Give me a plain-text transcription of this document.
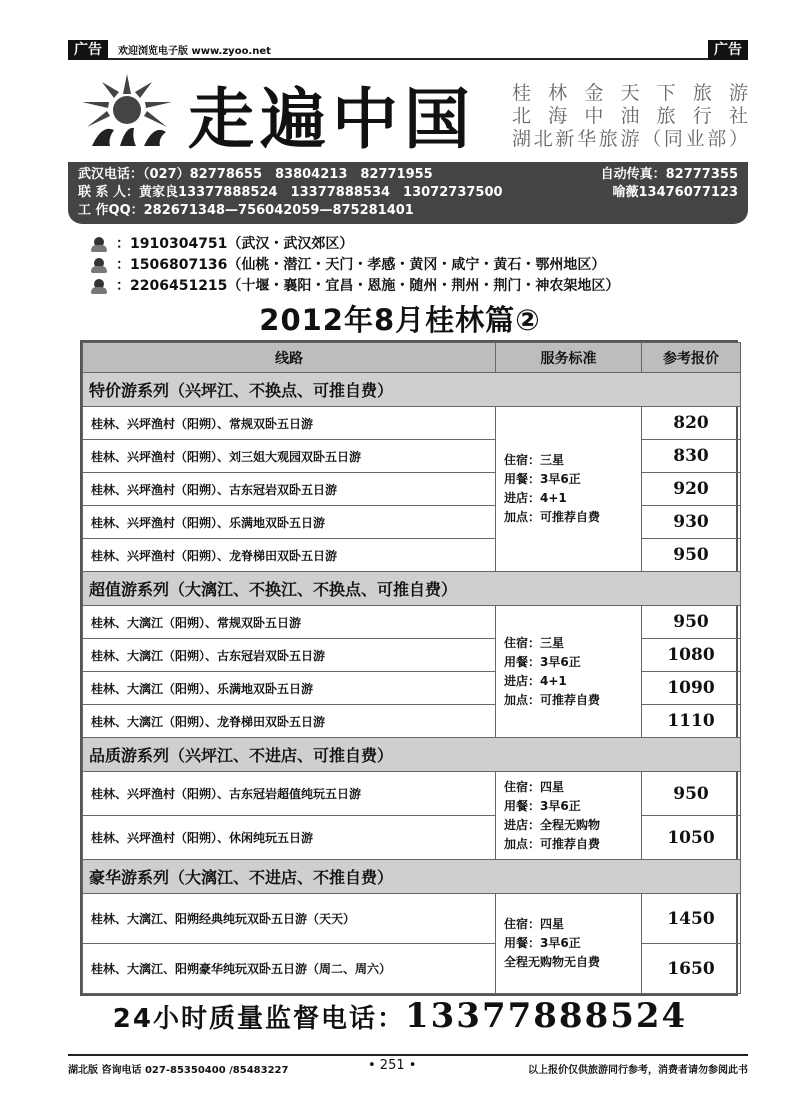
广告	欢迎浏览电子版 www.zyoo.net	广告
走遍中国 桂林金天下旅游
北海中油旅行社
湖北新华旅游（同业部）
武汉电话：（027）82778655　83804213　82771955	自动传真：82777355
联 系 人：黄家良13377888524　13377888534　13072737500	喻薇13476077123
工 作QQ：282671348—756042059—875281401
：1910304751（武汉・武汉郊区）
：1506807136（仙桃・潜江・天门・孝感・黄冈・咸宁・黄石・鄂州地区）
：2206451215（十堰・襄阳・宜昌・恩施・随州・荆州・荆门・神农架地区）
2012年8月桂林篇②
线路	服务标准	参考报价
特价游系列（兴坪江、不换点、可推自费）		
桂林、兴坪渔村（阳朔）、常规双卧五日游	住宿：三星
用餐：3早6正
进店：4+1
加点：可推荐自费	820
桂林、兴坪渔村（阳朔）、刘三姐大观园双卧五日游		830
桂林、兴坪渔村（阳朔）、古东冠岩双卧五日游		920
桂林、兴坪渔村（阳朔）、乐满地双卧五日游		930
桂林、兴坪渔村（阳朔）、龙脊梯田双卧五日游		950
超值游系列（大漓江、不换江、不换点、可推自费）		
桂林、大漓江（阳朔）、常规双卧五日游	住宿：三星
用餐：3早6正
进店：4+1
加点：可推荐自费	950
桂林、大漓江（阳朔）、古东冠岩双卧五日游		1080
桂林、大漓江（阳朔）、乐满地双卧五日游		1090
桂林、大漓江（阳朔）、龙脊梯田双卧五日游		1110
品质游系列（兴坪江、不进店、可推自费）		
桂林、兴坪渔村（阳朔）、古东冠岩超值纯玩五日游	住宿：四星
用餐：3早6正
进店：全程无购物
加点：可推荐自费	950
桂林、兴坪渔村（阳朔）、休闲纯玩五日游		1050
豪华游系列（大漓江、不进店、不推自费）		
桂林、大漓江、阳朔经典纯玩双卧五日游（天天）	住宿：四星
用餐：3早6正
全程无购物无自费	1450
桂林、大漓江、阳朔豪华纯玩双卧五日游（周二、周六）		1650
24小时质量监督电话：13377888524
湖北版 咨询电话 027-85350400 /85483227	• 251 •	以上报价仅供旅游同行参考，消费者请勿参阅此书
